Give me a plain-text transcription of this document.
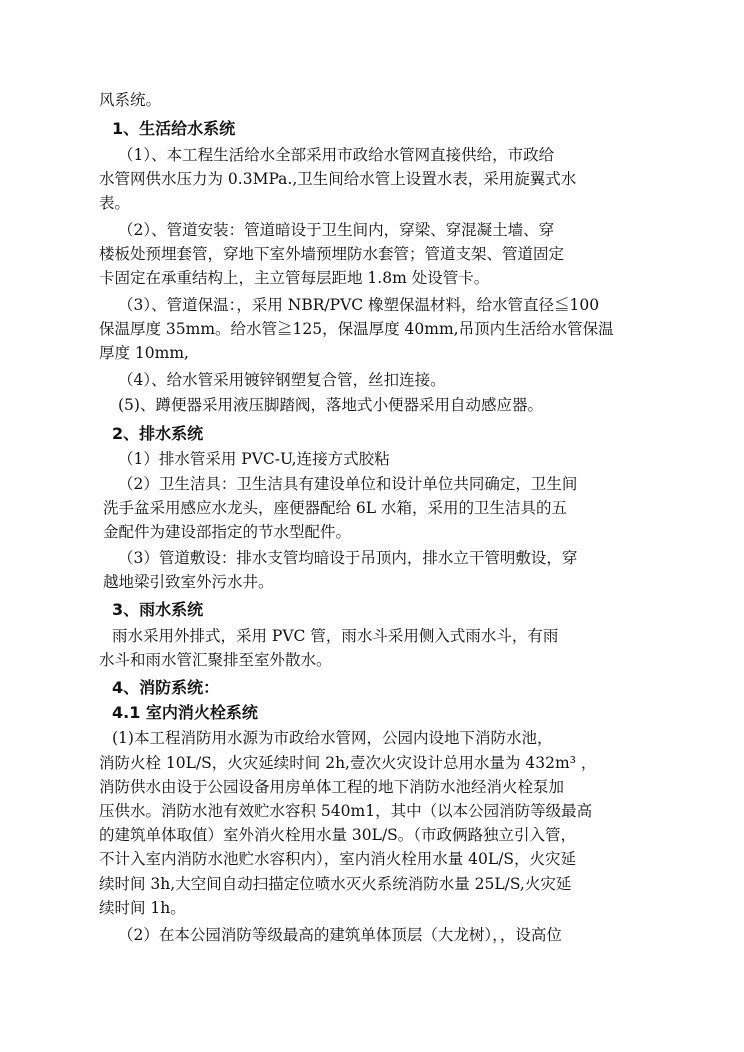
风系统。
1、生活给水系统
（1）、本工程生活给水全部采用市政给水管网直接供给，市政给
水管网供水压力为 0.3MPa.,卫生间给水管上设置水表，采用旋翼式水
表。
（2）、管道安装：管道暗设于卫生间内，穿梁、穿混凝土墙、穿
楼板处预埋套管，穿地下室外墙预埋防水套管；管道支架、管道固定
卡固定在承重结构上，主立管每层距地 1.8m 处设管卡。
（3）、管道保温：，采用 NBR/PVC 橡塑保温材料，给水管直径≦100
保温厚度 35mm。给水管≧125，保温厚度 40mm,吊顶内生活给水管保温
厚度 10mm,
（4）、给水管采用镀锌钢塑复合管，丝扣连接。
(5)、蹲便器采用液压脚踏阀，落地式小便器采用自动感应器。
2、排水系统
（1）排水管采用 PVC-U,连接方式胶粘
（2）卫生洁具：卫生洁具有建设单位和设计单位共同确定，卫生间
洗手盆采用感应水龙头，座便器配给 6L 水箱，采用的卫生洁具的五
金配件为建设部指定的节水型配件。
（3）管道敷设：排水支管均暗设于吊顶内，排水立干管明敷设，穿
越地梁引致室外污水井。
3、雨水系统
雨水采用外排式，采用 PVC 管，雨水斗采用侧入式雨水斗，有雨
水斗和雨水管汇聚排至室外散水。
4、消防系统：
4.1 室内消火栓系统
(1)本工程消防用水源为市政给水管网，公园内设地下消防水池，
消防火栓 10L/S，火灾延续时间 2h,壹次火灾设计总用水量为 432m³ ，
消防供水由设于公园设备用房单体工程的地下消防水池经消火栓泵加
压供水。消防水池有效贮水容积 540m1，其中（以本公园消防等级最高
的建筑单体取值）室外消火栓用水量 30L/S。（市政俩路独立引入管，
不计入室内消防水池贮水容积内），室内消火栓用水量 40L/S，火灾延
续时间 3h,大空间自动扫描定位喷水灭火系统消防水量 25L/S,火灾延
续时间 1h。
（2）在本公园消防等级最高的建筑单体顶层（大龙树），，设高位
